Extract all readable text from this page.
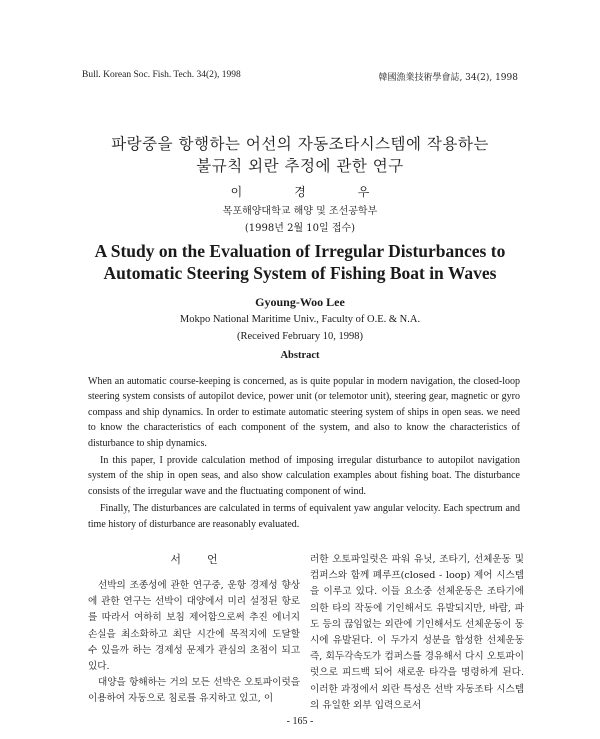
Bull. Korean Soc. Fish. Tech. 34(2), 1998	韓國漁業技術學會誌, 34(2), 1998
파랑중을 항행하는 어선의 자동조타시스템에 작용하는
불규칙 외란 추정에 관한 연구
이경우
목포해양대학교 해양 및 조선공학부
(1998년 2월 10일 접수)
A Study on the Evaluation of Irregular Disturbances to
Automatic Steering System of Fishing Boat in Waves
Gyoung-Woo Lee
Mokpo National Maritime Univ., Faculty of O.E. & N.A.
(Received February 10, 1998)
Abstract

When an automatic course-keeping is concerned, as is quite popular in modern navigation, the closed-loop steering system consists of autopilot device, power unit (or telemotor unit), steering gear, magnetic or gyro compass and ship dynamics. In order to estimate automatic steering system of ships in open seas. we need to know the characteristics of each component of the system, and also to know the characteristics of disturbance to ship dynamics.

In this paper, I provide calculation method of imposing irregular disturbance to autopilot navigation system of the ship in open seas, and also show calculation examples about fishing boat. The disturbance consists of the irregular wave and the fluctuating component of wind.

Finally, The disturbances are calculated in terms of equivalent yaw angular velocity. Each spectrum and time history of disturbance are reasonably evaluated.

서언

선박의 조종성에 관한 연구중, 운항 경제성 향상에 관한 연구는 선박이 대양에서 미리 설정된 항로를 따라서 여하히 보침 제어함으로써 추진 에너지 손실을 최소화하고 최단 시간에 목적지에 도달할 수 있을까 하는 경제성 문제가 관심의 초점이 되고 있다.

대양을 항해하는 거의 모든 선박은 오토파이럿을 이용하여 자동으로 침로를 유지하고 있고, 이

러한 오토파일럿은 파워 유닛, 조타기, 선체운동 및 컴퍼스와 함께 폐루프(closed - loop) 제어 시스템을 이루고 있다. 이들 요소중 선체운동은 조타기에 의한 타의 작동에 기인해서도 유발되지만, 바람, 파도 등의 끊임없는 외란에 기인해서도 선체운동이 동시에 유발된다. 이 두가지 성분을 합성한 선체운동 즉, 회두각속도가 컴퍼스를 경유해서 다시 오토파이럿으로 피드백 되어 새로운 타각을 명령하게 된다. 이러한 과정에서 외란 특성은 선박 자동조타 시스템의 유일한 외부 입력으로서

- 165 -
